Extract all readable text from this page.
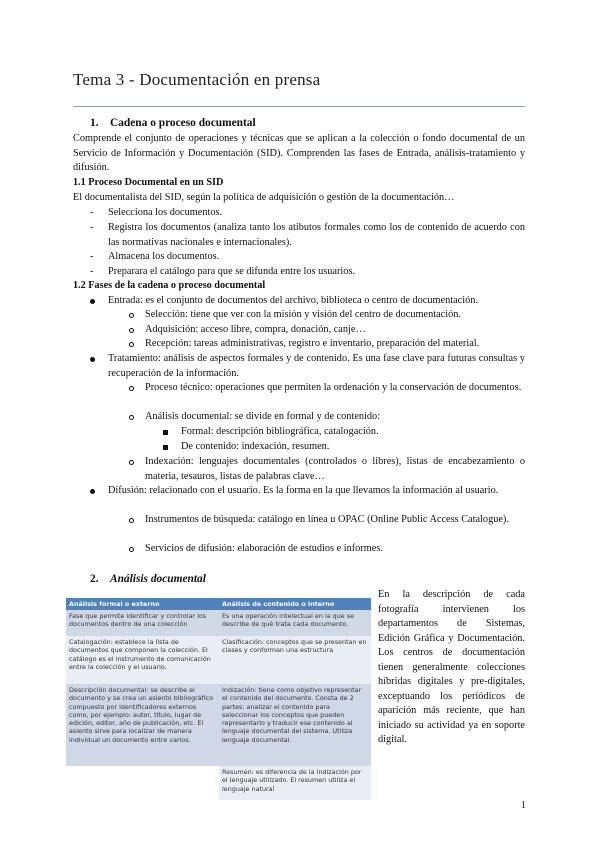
Tema 3 - Documentación en prensa
1. Cadena o proceso documental
Comprende el conjunto de operaciones y técnicas que se aplican a la colección o fondo documental de un Servicio de Información y Documentación (SID). Comprenden las fases de Entrada, análisis-tratamiento y difusión.
1.1 Proceso Documental en un SID
El documentalista del SID, según la política de adquisición o gestión de la documentación…
- Selecciona los documentos.
- Registra los documentos (analiza tanto los atibutos formales como los de contenido de acuerdo con las normativas nacionales e internacionales).
- Almacena los documentos.
- Preparara el catálogo para que se difunda entre los usuarios.
1.2 Fases de la cadena o proceso documental
Entrada: es el conjunto de documentos del archivo, biblioteca o centro de documentación.
Selección: tiene que ver con la misión y visión del centro de documentación.
Adquisición: acceso libre, compra, donación, canje…
Recepción: tareas administrativas, registro e inventario, preparación del material.
Tratamiento: análisis de aspectos formales y de contenido. Es una fase clave para futuras consultas y recuperación de la información.
Proceso técnico: operaciones que permiten la ordenación y la conservación de documentos.
Análisis documental: se divide en formal y de contenido:
Formal: descripción bibliográfica, catalogación.
De contenido: indexación, resumen.
Indexación: lenguajes documentales (controlados o libres), listas de encabezamiento o materia, tesauros, listas de palabras clave…
Difusión: relacionado con el usuario. Es la forma en la que llevamos la información al usuario.
Instrumentos de búsqueda: catálogo en línea u OPAC (Online Public Access Catalogue).
Servicios de difusión: elaboración de estudios e informes.
2. Análisis documental
Análisis formal o externo	Análisis de contenido o interno
Fase que permite identificar y controlar los documentos dentro de una colección
Es una operación intelectual en la que se describe de qué trata cada documento.
Catalogación: establece la lista de documentos que componen la colección. El catálogo es el instrumento de comunicación entre la colección y el usuario.
Clasificación: conceptos que se presentan en clases y conforman una estructura
Descripción documental: se describe el documento y se crea un asiento bibliográfico compuesto por identificadores externos como, por ejemplo: autor, título, lugar de edición, editor, año de publicación, etc. El asiento sirve para localizar de manera individual un documento entre varios.
Indización: tiene como objetivo representar el contenido del documento. Consta de 2 partes: analizar el contenido para seleccionar los conceptos que pueden representarlo y traducir ese contenido al lenguaje documental del sistema. Utiliza lenguaje documental.
Resumen: es diferencia de la indización por el lenguaje utilizado. El resumen utiliza el lenguaje natural
En la descripción de cada fotografía intervienen los departamentos de Sistemas, Edición Gráfica y Documentación. Los centros de documentación tienen generalmente colecciones híbridas digitales y pre-digitales, exceptuando los periódicos de aparición más reciente, que han iniciado su actividad ya en soporte digital.
1
